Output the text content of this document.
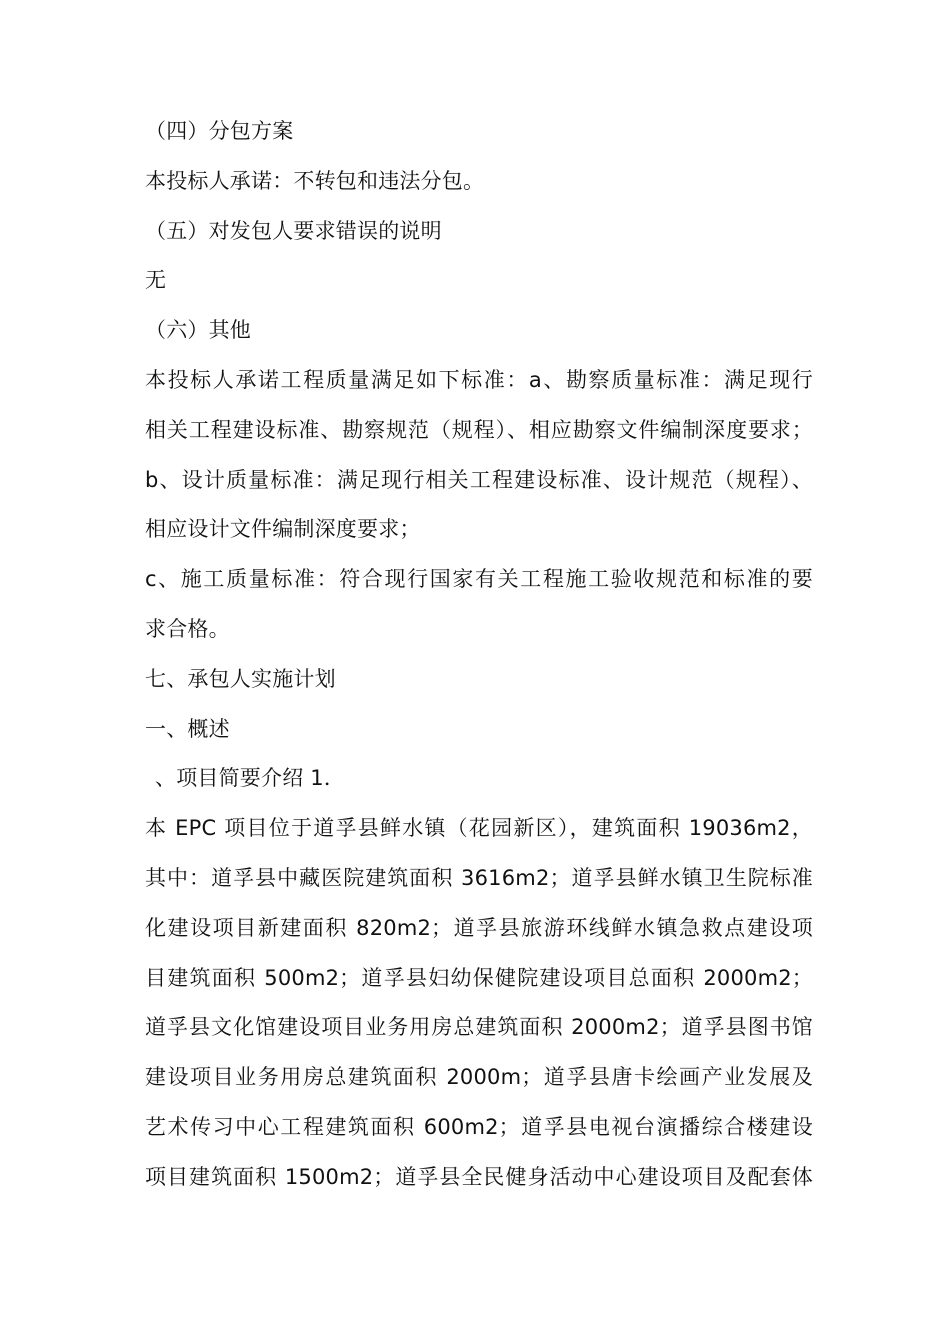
（四）分包方案
本投标人承诺：不转包和违法分包。
（五）对发包人要求错误的说明
无
（六）其他
本投标人承诺工程质量满足如下标准：a、勘察质量标准：满足现行
相关工程建设标准、勘察规范（规程）、相应勘察文件编制深度要求；
b、设计质量标准：满足现行相关工程建设标准、设计规范（规程）、
相应设计文件编制深度要求；
c、施工质量标准：符合现行国家有关工程施工验收规范和标准的要
求合格。
七、承包人实施计划
一、概述
、项目简要介绍 1．
本 EPC 项目位于道孚县鲜水镇（花园新区），建筑面积 19036m2，
其中：道孚县中藏医院建筑面积 3616m2；道孚县鲜水镇卫生院标准
化建设项目新建面积 820m2；道孚县旅游环线鲜水镇急救点建设项
目建筑面积 500m2；道孚县妇幼保健院建设项目总面积 2000m2；
道孚县文化馆建设项目业务用房总建筑面积 2000m2；道孚县图书馆
建设项目业务用房总建筑面积 2000m；道孚县唐卡绘画产业发展及
艺术传习中心工程建筑面积 600m2；道孚县电视台演播综合楼建设
项目建筑面积 1500m2；道孚县全民健身活动中心建设项目及配套体
